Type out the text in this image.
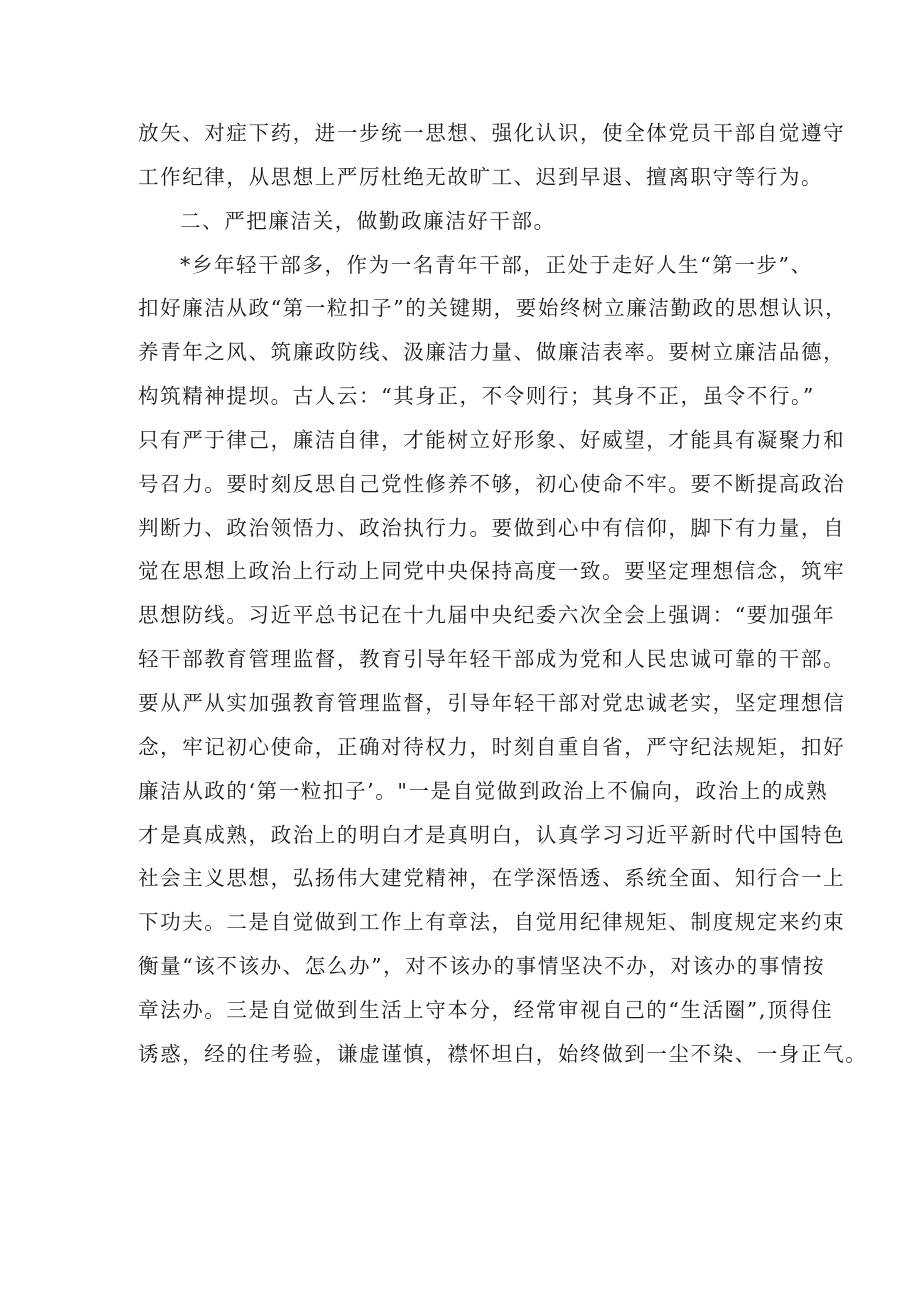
放矢、对症下药，进一步统一思想、强化认识，使全体党员干部自觉遵守
工作纪律，从思想上严厉杜绝无故旷工、迟到早退、擅离职守等行为。
二、严把廉洁关，做勤政廉洁好干部。
*乡年轻干部多，作为一名青年干部，正处于走好人生“第一步”、
扣好廉洁从政“第一粒扣子”的关键期，要始终树立廉洁勤政的思想认识，
养青年之风、筑廉政防线、汲廉洁力量、做廉洁表率。要树立廉洁品德，
构筑精神提坝。古人云：“其身正，不令则行；其身不正，虽令不行。”
只有严于律己，廉洁自律，才能树立好形象、好威望，才能具有凝聚力和
号召力。要时刻反思自己党性修养不够，初心使命不牢。要不断提高政治
判断力、政治领悟力、政治执行力。要做到心中有信仰，脚下有力量，自
觉在思想上政治上行动上同党中央保持高度一致。要坚定理想信念，筑牢
思想防线。习近平总书记在十九届中央纪委六次全会上强调：“要加强年
轻干部教育管理监督，教育引导年轻干部成为党和人民忠诚可靠的干部。
要从严从实加强教育管理监督，引导年轻干部对党忠诚老实，坚定理想信
念，牢记初心使命，正确对待权力，时刻自重自省，严守纪法规矩，扣好
廉洁从政的‘第一粒扣子’。"一是自觉做到政治上不偏向，政治上的成熟
才是真成熟，政治上的明白才是真明白，认真学习习近平新时代中国特色
社会主义思想，弘扬伟大建党精神，在学深悟透、系统全面、知行合一上
下功夫。二是自觉做到工作上有章法，自觉用纪律规矩、制度规定来约束
衡量“该不该办、怎么办”，对不该办的事情坚决不办，对该办的事情按
章法办。三是自觉做到生活上守本分，经常审视自己的“生活圈”,顶得住
诱惑，经的住考验，谦虚谨慎，襟怀坦白，始终做到一尘不染、一身正气。
